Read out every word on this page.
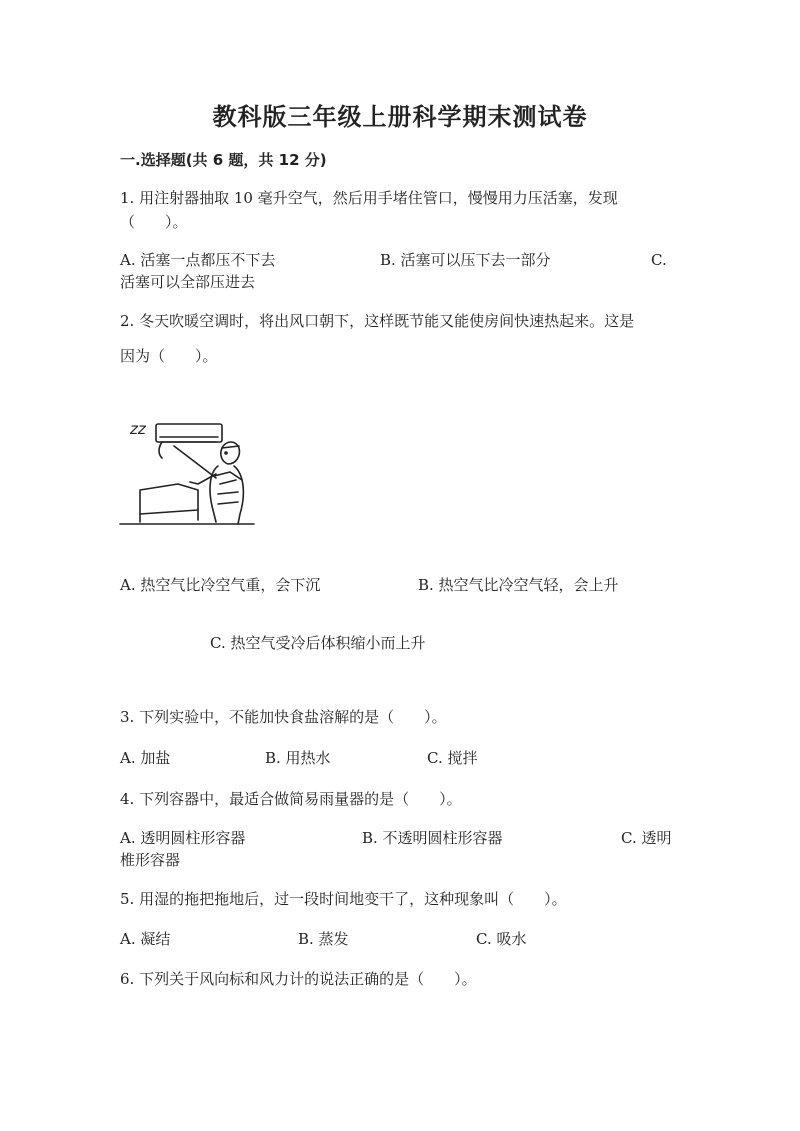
教科版三年级上册科学期末测试卷
一.选择题(共 6 题，共 12 分)
1. 用注射器抽取 10 毫升空气，然后用手堵住管口，慢慢用力压活塞，发现
（　　）。
A. 活塞一点都压不下去	B. 活塞可以压下去一部分	C.
活塞可以全部压进去
2. 冬天吹暖空调时，将出风口朝下，这样既节能又能使房间快速热起来。这是
因为（　　）。
zz
A. 热空气比冷空气重，会下沉	B. 热空气比冷空气轻，会上升
C. 热空气受冷后体积缩小而上升
3. 下列实验中，不能加快食盐溶解的是（　　）。
A. 加盐	B. 用热水	C. 搅拌
4. 下列容器中，最适合做简易雨量器的是（　　）。
A. 透明圆柱形容器	B. 不透明圆柱形容器	C. 透明
椎形容器
5. 用湿的拖把拖地后，过一段时间地变干了，这种现象叫（　　）。
A. 凝结	B. 蒸发	C. 吸水
6. 下列关于风向标和风力计的说法正确的是（　　）。
